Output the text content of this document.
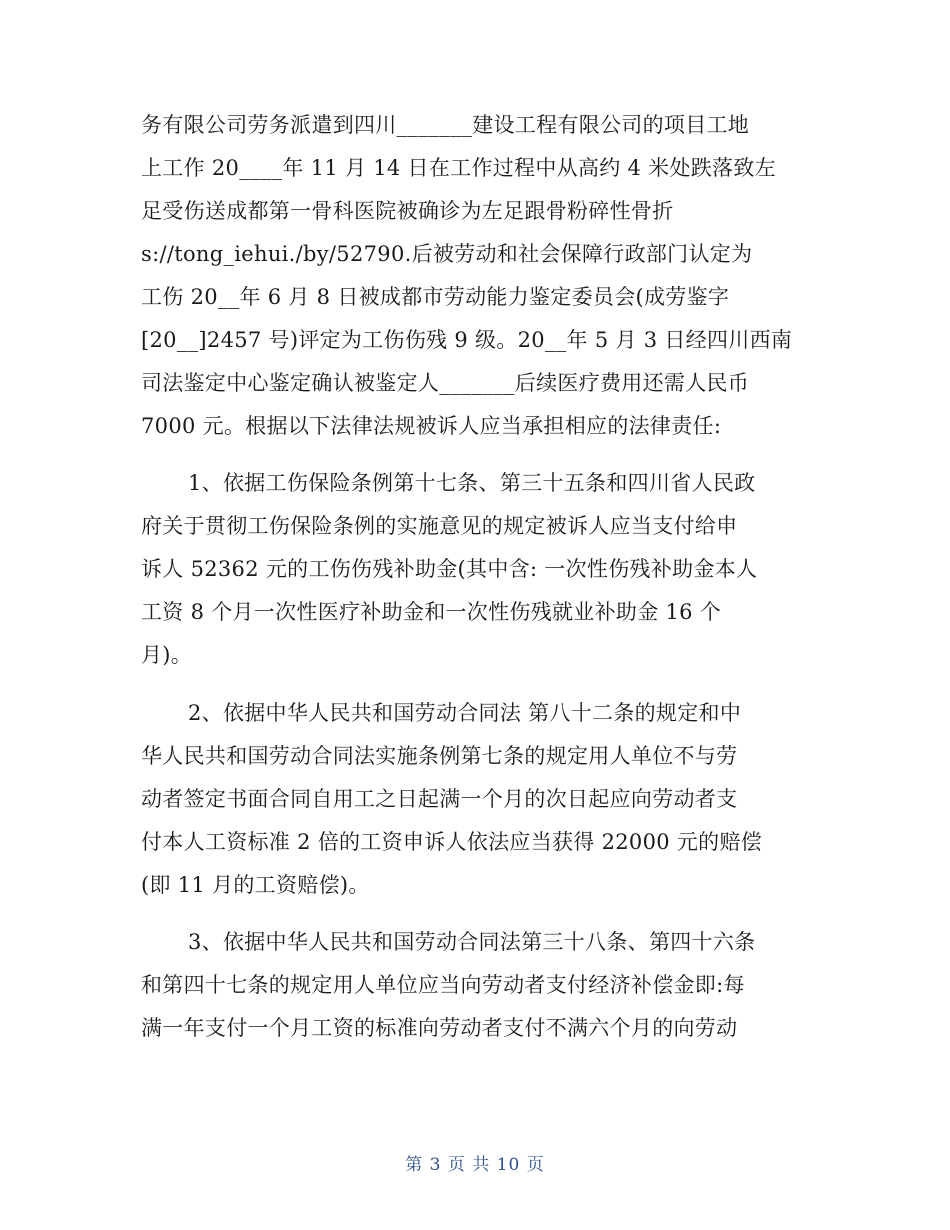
务有限公司劳务派遣到四川_______建设工程有限公司的项目工地
上工作 20____年 11 月 14 日在工作过程中从高约 4 米处跌落致左
足受伤送成都第一骨科医院被确诊为左足跟骨粉碎性骨折
s://tong_iehui./by/52790.后被劳动和社会保障行政部门认定为
工伤 20__年 6 月 8 日被成都市劳动能力鉴定委员会(成劳鉴字
[20__]2457 号)评定为工伤伤残 9 级。20__年 5 月 3 日经四川西南
司法鉴定中心鉴定确认被鉴定人_______后续医疗费用还需人民币
7000 元。根据以下法律法规被诉人应当承担相应的法律责任:
1、依据工伤保险条例第十七条、第三十五条和四川省人民政
府关于贯彻工伤保险条例的实施意见的规定被诉人应当支付给申
诉人 52362 元的工伤伤残补助金(其中含: 一次性伤残补助金本人
工资 8 个月一次性医疗补助金和一次性伤残就业补助金 16 个
月)。
2、依据中华人民共和国劳动合同法 第八十二条的规定和中
华人民共和国劳动合同法实施条例第七条的规定用人单位不与劳
动者签定书面合同自用工之日起满一个月的次日起应向劳动者支
付本人工资标准 2 倍的工资申诉人依法应当获得 22000 元的赔偿
(即 11 月的工资赔偿)。
3、依据中华人民共和国劳动合同法第三十八条、第四十六条
和第四十七条的规定用人单位应当向劳动者支付经济补偿金即:每
满一年支付一个月工资的标准向劳动者支付不满六个月的向劳动
第 3 页 共 10 页
